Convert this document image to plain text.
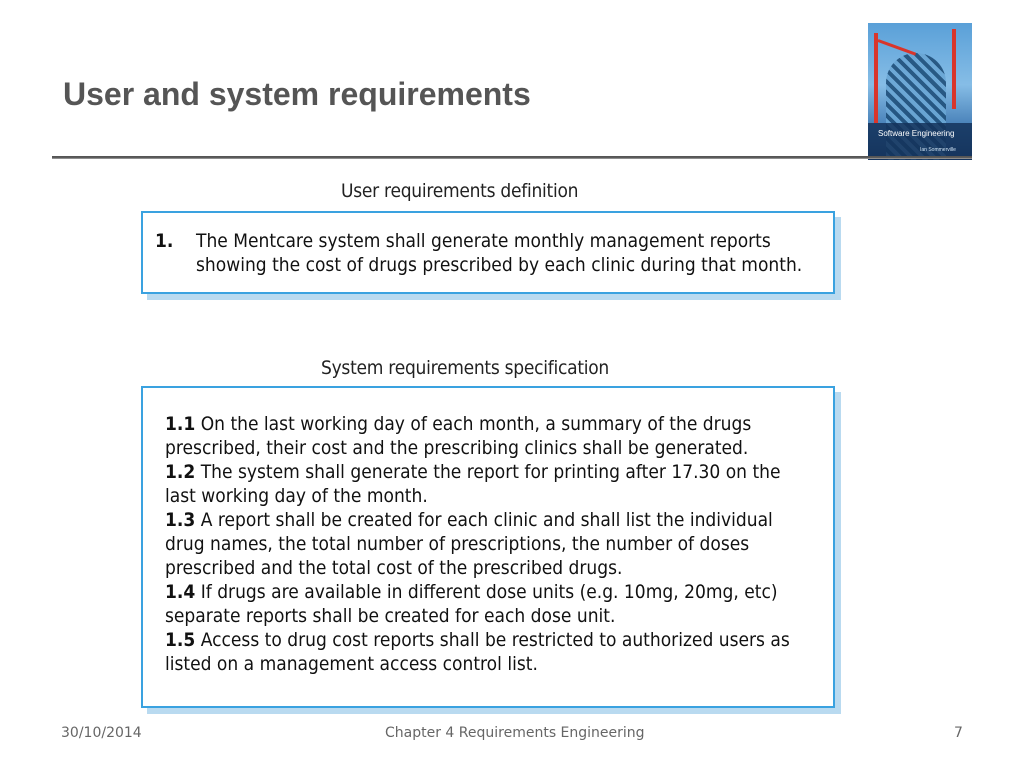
User and system requirements
Software Engineering
Ian Sommerville
User requirements definition
1. The Mentcare system shall generate monthly management reports
showing the cost of drugs prescribed by each clinic during that month.
System requirements specification
1.1 On the last working day of each month, a summary of the drugs
prescribed, their cost and the prescribing clinics shall be generated.
1.2 The system shall generate the report for printing after 17.30 on the
last working day of the month.
1.3 A report shall be created for each clinic and shall list the individual
drug names, the total number of prescriptions, the number of doses
prescribed and the total cost of the prescribed drugs.
1.4 If drugs are available in different dose units (e.g. 10mg, 20mg, etc)
separate reports shall be created for each dose unit.
1.5 Access to drug cost reports shall be restricted to authorized users as
listed on a management access control list.
30/10/2014	Chapter 4 Requirements Engineering	7
